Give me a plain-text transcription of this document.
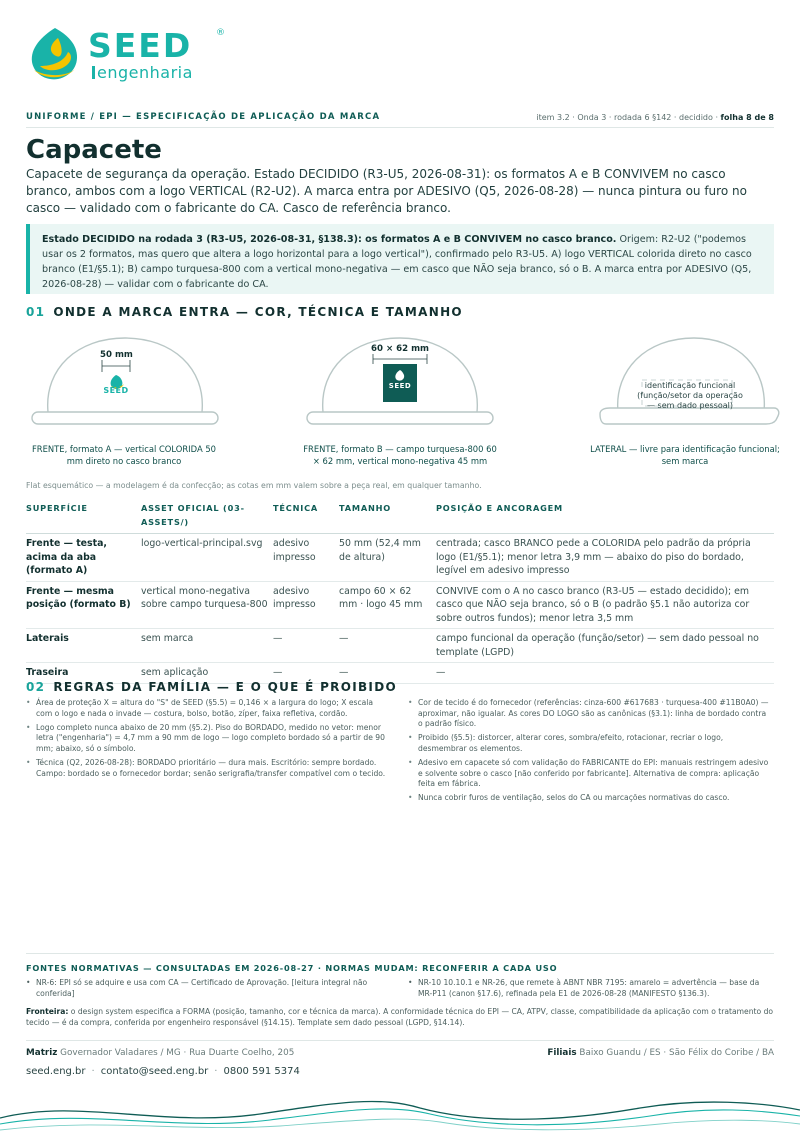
SEED	®
engenharia
UNIFORME / EPI — ESPECIFICAÇÃO DE APLICAÇÃO DA MARCA	item 3.2 · Onda 3 · rodada 6 §142 · decidido · folha 8 de 8
Capacete
Capacete de segurança da operação. Estado DECIDIDO (R3-U5, 2026-08-31): os formatos A e B CONVIVEM no casco branco, ambos com a logo VERTICAL (R2-U2). A marca entra por ADESIVO (Q5, 2026-08-28) — nunca pintura ou furo no casco — validado com o fabricante do CA. Casco de referência branco.
Estado DECIDIDO na rodada 3 (R3-U5, 2026-08-31, §138.3): os formatos A e B CONVIVEM no casco branco. Origem: R2-U2 ("podemos usar os 2 formatos, mas quero que altera a logo horizontal para a logo vertical"), confirmado pelo R3-U5. A) logo VERTICAL colorida direto no casco branco (E1/§5.1); B) campo turquesa-800 com a vertical mono-negativa — em casco que NÃO seja branco, só o B. A marca entra por ADESIVO (Q5, 2026-08-28) — validar com o fabricante do CA.
01 ONDE A MARCA ENTRA — COR, TÉCNICA E TAMANHO
50 mm
SEED
FRENTE, formato A — vertical COLORIDA 50 mm direto no casco branco
60 × 62 mm
SEED
FRENTE, formato B — campo turquesa-800 60 × 62 mm, vertical mono-negativa 45 mm
identificação funcional
(função/setor da operação
— sem dado pessoal)
LATERAL — livre para identificação funcional; sem marca
Flat esquemático — a modelagem é da confecção; as cotas em mm valem sobre a peça real, em qualquer tamanho.
SUPERFÍCIE	ASSET OFICIAL (03-ASSETS/)	TÉCNICA	TAMANHO	POSIÇÃO E ANCORAGEM
Frente — testa, acima da aba (formato A)	logo-vertical-principal.svg	adesivo impresso	50 mm (52,4 mm de altura)	centrada; casco BRANCO pede a COLORIDA pelo padrão da própria logo (E1/§5.1); menor letra 3,9 mm — abaixo do piso do bordado, legível em adesivo impresso
Frente — mesma posição (formato B)	vertical mono-negativa sobre campo turquesa-800	adesivo impresso	campo 60 × 62 mm · logo 45 mm	CONVIVE com o A no casco branco (R3-U5 — estado decidido); em casco que NÃO seja branco, só o B (o padrão §5.1 não autoriza cor sobre outros fundos); menor letra 3,5 mm
Laterais	sem marca	—	—	campo funcional da operação (função/setor) — sem dado pessoal no template (LGPD)
Traseira	sem aplicação	—	—	—
02 REGRAS DA FAMÍLIA — E O QUE É PROIBIDO
• Área de proteção X = altura do "S" de SEED (§5.5) = 0,146 × a largura do logo; X escala com o logo e nada o invade — costura, bolso, botão, zíper, faixa refletiva, cordão.
• Logo completo nunca abaixo de 20 mm (§5.2). Piso do BORDADO, medido no vetor: menor letra ("engenharia") = 4,7 mm a 90 mm de logo — logo completo bordado só a partir de 90 mm; abaixo, só o símbolo.
• Técnica (Q2, 2026-08-28): BORDADO prioritário — dura mais. Escritório: sempre bordado. Campo: bordado se o fornecedor bordar; senão serigrafia/transfer compatível com o tecido.
• Cor de tecido é do fornecedor (referências: cinza-600 #617683 · turquesa-400 #11B0A0) — aproximar, não igualar. As cores DO LOGO são as canônicas (§3.1): linha de bordado contra o padrão físico.
• Proibido (§5.5): distorcer, alterar cores, sombra/efeito, rotacionar, recriar o logo, desmembrar os elementos.
• Adesivo em capacete só com validação do FABRICANTE do EPI: manuais restringem adesivo e solvente sobre o casco [não conferido por fabricante]. Alternativa de compra: aplicação feita em fábrica.
• Nunca cobrir furos de ventilação, selos do CA ou marcações normativas do casco.
FONTES NORMATIVAS — CONSULTADAS EM 2026-08-27 · NORMAS MUDAM: RECONFERIR A CADA USO
• NR-6: EPI só se adquire e usa com CA — Certificado de Aprovação. [leitura integral não conferida]
• NR-10 10.10.1 e NR-26, que remete à ABNT NBR 7195: amarelo = advertência — base da MR-P11 (canon §17.6), refinada pela E1 de 2026-08-28 (MANIFESTO §136.3).
Fronteira: o design system especifica a FORMA (posição, tamanho, cor e técnica da marca). A conformidade técnica do EPI — CA, ATPV, classe, compatibilidade da aplicação com o tratamento do tecido — é da compra, conferida por engenheiro responsável (§14.15). Template sem dado pessoal (LGPD, §14.14).
Matriz Governador Valadares / MG · Rua Duarte Coelho, 205	Filiais Baixo Guandu / ES · São Félix do Coribe / BA
seed.eng.br · contato@seed.eng.br · 0800 591 5374
